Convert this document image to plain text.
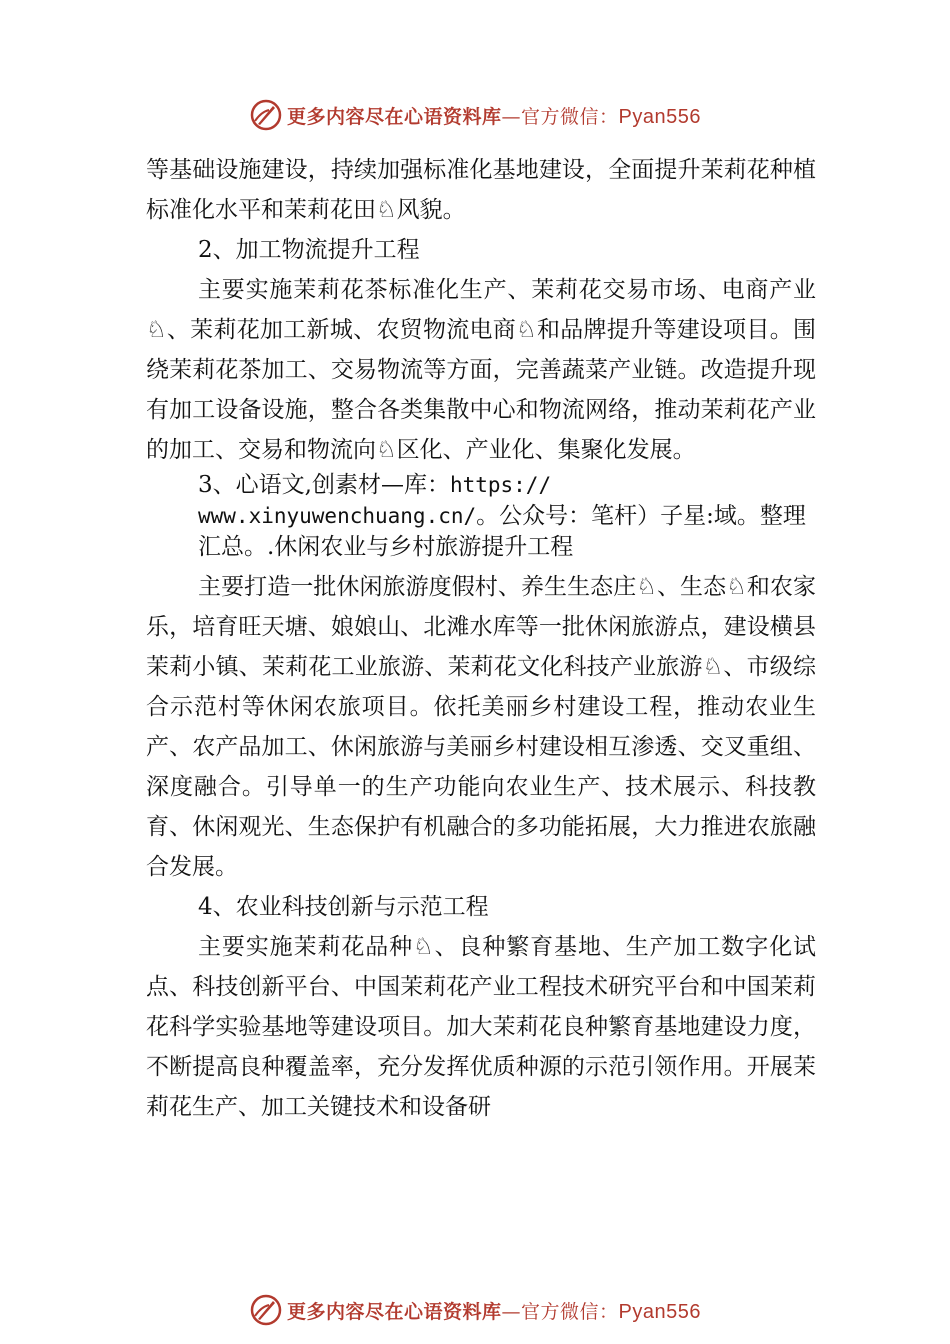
更多内容尽在心语资料库—官方微信：Pyan556

等基础设施建设，持续加强标准化基地建设，全面提升茉莉花种植标准化水平和茉莉花田♘风貌。

2、加工物流提升工程

主要实施茉莉花茶标准化生产、茉莉花交易市场、电商产业♘、茉莉花加工新城、农贸物流电商♘和品牌提升等建设项目。围绕茉莉花茶加工、交易物流等方面，完善蔬菜产业链。改造提升现有加工设备设施，整合各类集散中心和物流网络，推动茉莉花产业的加工、交易和物流向♘区化、产业化、集聚化发展。

3、心语文,创素材—库：https://
www.xinyuwenchuang.cn/。公众号：笔杆）子星:域。整理汇总。.休闲农业与乡村旅游提升工程

主要打造一批休闲旅游度假村、养生生态庄♘、生态♘和农家乐，培育旺天塘、娘娘山、北滩水库等一批休闲旅游点，建设横县茉莉小镇、茉莉花工业旅游、茉莉花文化科技产业旅游♘、市级综合示范村等休闲农旅项目。依托美丽乡村建设工程，推动农业生产、农产品加工、休闲旅游与美丽乡村建设相互渗透、交叉重组、深度融合。引导单一的生产功能向农业生产、技术展示、科技教育、休闲观光、生态保护有机融合的多功能拓展，大力推进农旅融合发展。

4、农业科技创新与示范工程

主要实施茉莉花品种♘、良种繁育基地、生产加工数字化试点、科技创新平台、中国茉莉花产业工程技术研究平台和中国茉莉花科学实验基地等建设项目。加大茉莉花良种繁育基地建设力度，不断提高良种覆盖率，充分发挥优质种源的示范引领作用。开展茉莉花生产、加工关键技术和设备研

更多内容尽在心语资料库—官方微信：Pyan556
